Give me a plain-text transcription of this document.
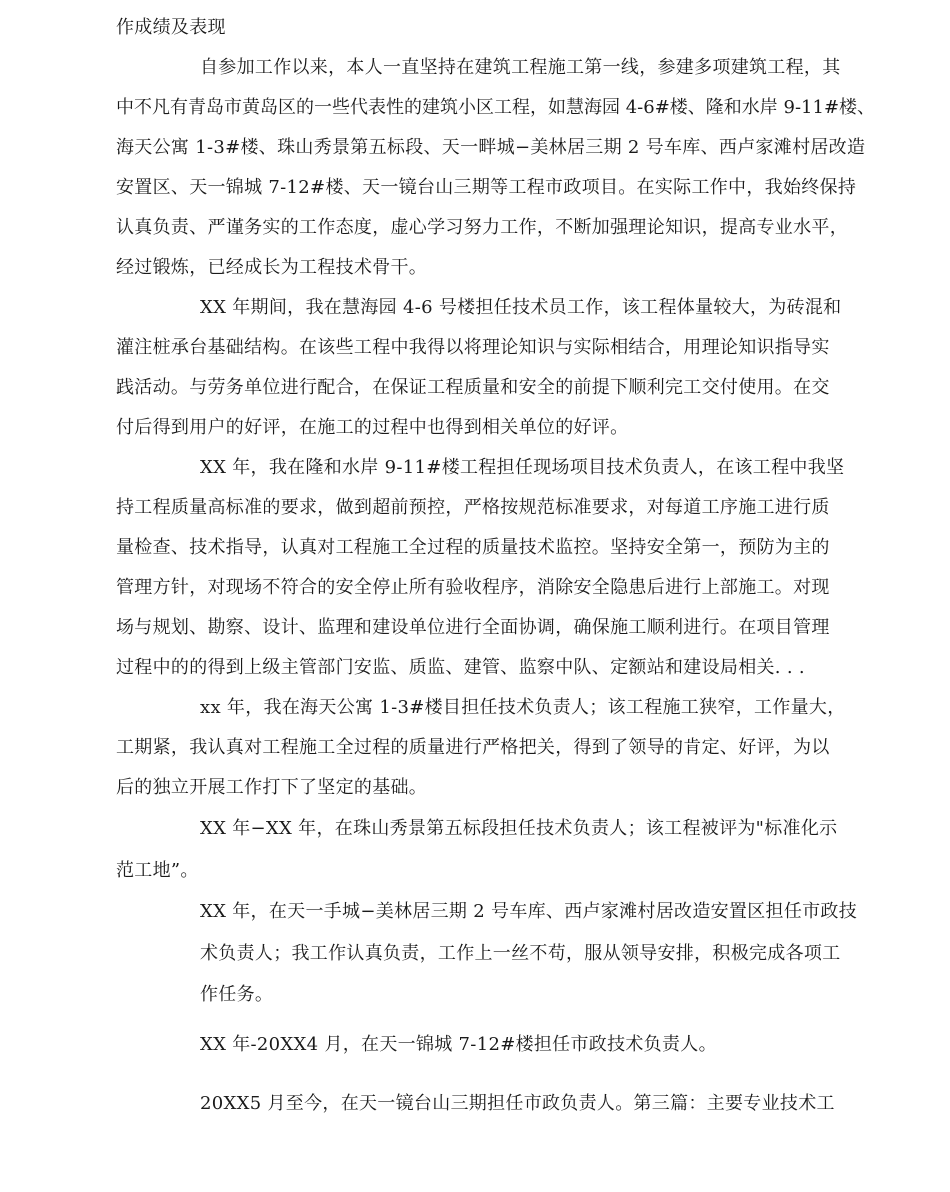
作成绩及表现
自参加工作以来，本人一直坚持在建筑工程施工第一线，参建多项建筑工程，其
中不凡有青岛市黄岛区的一些代表性的建筑小区工程，如慧海园 4-6#楼、隆和水岸 9-11#楼、
海天公寓 1-3#楼、珠山秀景第五标段、天一畔城−美林居三期 2 号车库、西卢家滩村居改造
安置区、天一锦城 7-12#楼、天一镜台山三期等工程市政项目。在实际工作中，我始终保持
认真负责、严谨务实的工作态度，虚心学习努力工作，不断加强理论知识，提高专业水平，
经过锻炼，已经成长为工程技术骨干。
XX 年期间，我在慧海园 4-6 号楼担任技术员工作，该工程体量较大，为砖混和
灌注桩承台基础结构。在该些工程中我得以将理论知识与实际相结合，用理论知识指导实
践活动。与劳务单位进行配合，在保证工程质量和安全的前提下顺利完工交付使用。在交
付后得到用户的好评，在施工的过程中也得到相关单位的好评。
XX 年，我在隆和水岸 9-11#楼工程担任现场项目技术负责人，在该工程中我坚
持工程质量高标准的要求，做到超前预控，严格按规范标准要求，对每道工序施工进行质
量检查、技术指导，认真对工程施工全过程的质量技术监控。坚持安全第一，预防为主的
管理方针，对现场不符合的安全停止所有验收程序，消除安全隐患后进行上部施工。对现
场与规划、勘察、设计、监理和建设单位进行全面协调，确保施工顺利进行。在项目管理
过程中的的得到上级主管部门安监、质监、建管、监察中队、定额站和建设局相关. . .
xx 年，我在海天公寓 1-3#楼目担任技术负责人；该工程施工狭窄，工作量大，
工期紧，我认真对工程施工全过程的质量进行严格把关，得到了领导的肯定、好评，为以
后的独立开展工作打下了坚定的基础。
XX 年−XX 年，在珠山秀景第五标段担任技术负责人；该工程被评为"标准化示
范工地”。
XX 年，在天一手城−美林居三期 2 号车库、西卢家滩村居改造安置区担任市政技
术负责人；我工作认真负责，工作上一丝不苟，服从领导安排，积极完成各项工
作任务。
XX 年-20XX4 月，在天一锦城 7-12#楼担任市政技术负责人。
20XX5 月至今，在天一镜台山三期担任市政负责人。第三篇：主要专业技术工
